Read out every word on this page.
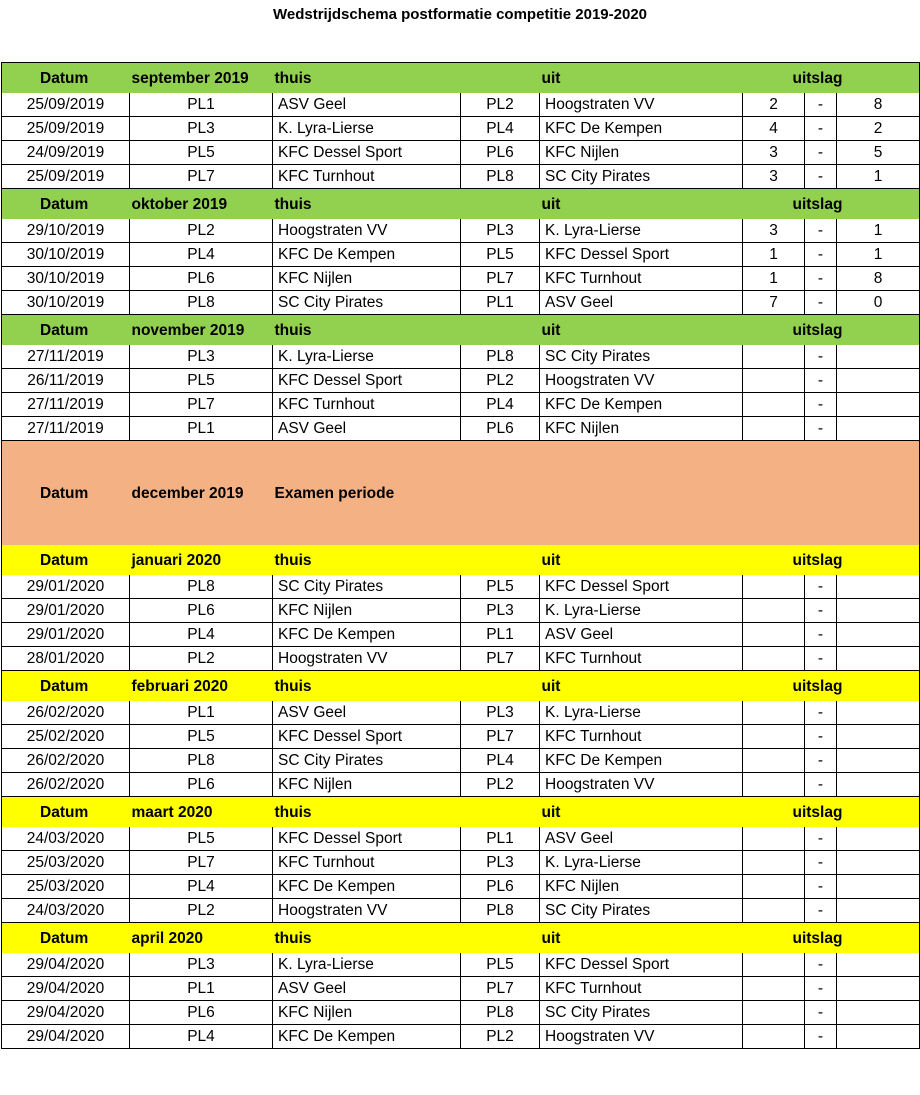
Wedstrijdschema postformatie competitie 2019-2020
Datum	september 2019	thuis		uit	uitslag		
25/09/2019	PL1	ASV Geel	PL2	Hoogstraten VV	2	-	8
25/09/2019	PL3	K. Lyra-Lierse	PL4	KFC De Kempen	4	-	2
24/09/2019	PL5	KFC Dessel Sport	PL6	KFC Nijlen	3	-	5
25/09/2019	PL7	KFC Turnhout	PL8	SC City Pirates	3	-	1
Datum	oktober 2019	thuis		uit	uitslag		
29/10/2019	PL2	Hoogstraten VV	PL3	K. Lyra-Lierse	3	-	1
30/10/2019	PL4	KFC De Kempen	PL5	KFC Dessel Sport	1	-	1
30/10/2019	PL6	KFC Nijlen	PL7	KFC Turnhout	1	-	8
30/10/2019	PL8	SC City Pirates	PL1	ASV Geel	7	-	0
Datum	november 2019	thuis		uit	uitslag		
27/11/2019	PL3	K. Lyra-Lierse	PL8	SC City Pirates		-	
26/11/2019	PL5	KFC Dessel Sport	PL2	Hoogstraten VV		-	
27/11/2019	PL7	KFC Turnhout	PL4	KFC De Kempen		-	
27/11/2019	PL1	ASV Geel	PL6	KFC Nijlen		-	
Datum	december 2019	Examen periode					
Datum	januari 2020	thuis		uit	uitslag		
29/01/2020	PL8	SC City Pirates	PL5	KFC Dessel Sport		-	
29/01/2020	PL6	KFC Nijlen	PL3	K. Lyra-Lierse		-	
29/01/2020	PL4	KFC De Kempen	PL1	ASV Geel		-	
28/01/2020	PL2	Hoogstraten VV	PL7	KFC Turnhout		-	
Datum	februari 2020	thuis		uit	uitslag		
26/02/2020	PL1	ASV Geel	PL3	K. Lyra-Lierse		-	
25/02/2020	PL5	KFC Dessel Sport	PL7	KFC Turnhout		-	
26/02/2020	PL8	SC City Pirates	PL4	KFC De Kempen		-	
26/02/2020	PL6	KFC Nijlen	PL2	Hoogstraten VV		-	
Datum	maart 2020	thuis		uit	uitslag		
24/03/2020	PL5	KFC Dessel Sport	PL1	ASV Geel		-	
25/03/2020	PL7	KFC Turnhout	PL3	K. Lyra-Lierse		-	
25/03/2020	PL4	KFC De Kempen	PL6	KFC Nijlen		-	
24/03/2020	PL2	Hoogstraten VV	PL8	SC City Pirates		-	
Datum	april 2020	thuis		uit	uitslag		
29/04/2020	PL3	K. Lyra-Lierse	PL5	KFC Dessel Sport		-	
29/04/2020	PL1	ASV Geel	PL7	KFC Turnhout		-	
29/04/2020	PL6	KFC Nijlen	PL8	SC City Pirates		-	
29/04/2020	PL4	KFC De Kempen	PL2	Hoogstraten VV		-	
